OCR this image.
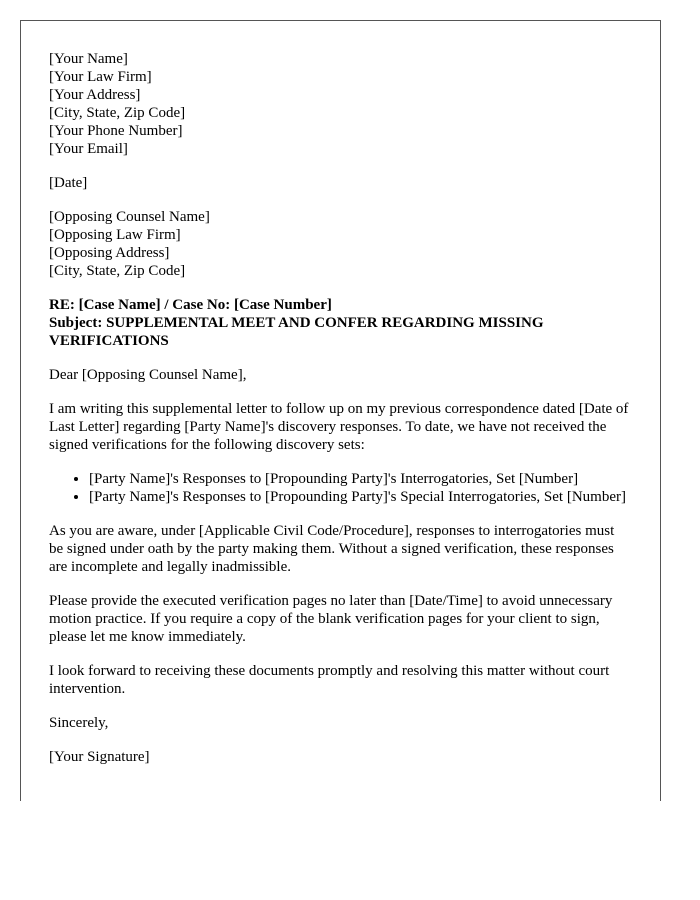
[Your Name]
[Your Law Firm]
[Your Address]
[City, State, Zip Code]
[Your Phone Number]
[Your Email]
[Date]
[Opposing Counsel Name]
[Opposing Law Firm]
[Opposing Address]
[City, State, Zip Code]
RE: [Case Name] / Case No: [Case Number]
Subject: SUPPLEMENTAL MEET AND CONFER REGARDING MISSING VERIFICATIONS

Dear [Opposing Counsel Name],

I am writing this supplemental letter to follow up on my previous correspondence dated [Date of Last Letter] regarding [Party Name]'s discovery responses. To date, we have not received the signed verifications for the following discovery sets:

• [Party Name]'s Responses to [Propounding Party]'s Interrogatories, Set [Number]
• [Party Name]'s Responses to [Propounding Party]'s Special Interrogatories, Set [Number]

As you are aware, under [Applicable Civil Code/Procedure], responses to interrogatories must be signed under oath by the party making them. Without a signed verification, these responses are incomplete and legally inadmissible.

Please provide the executed verification pages no later than [Date/Time] to avoid unnecessary motion practice. If you require a copy of the blank verification pages for your client to sign, please let me know immediately.

I look forward to receiving these documents promptly and resolving this matter without court intervention.

Sincerely,

[Your Signature]
